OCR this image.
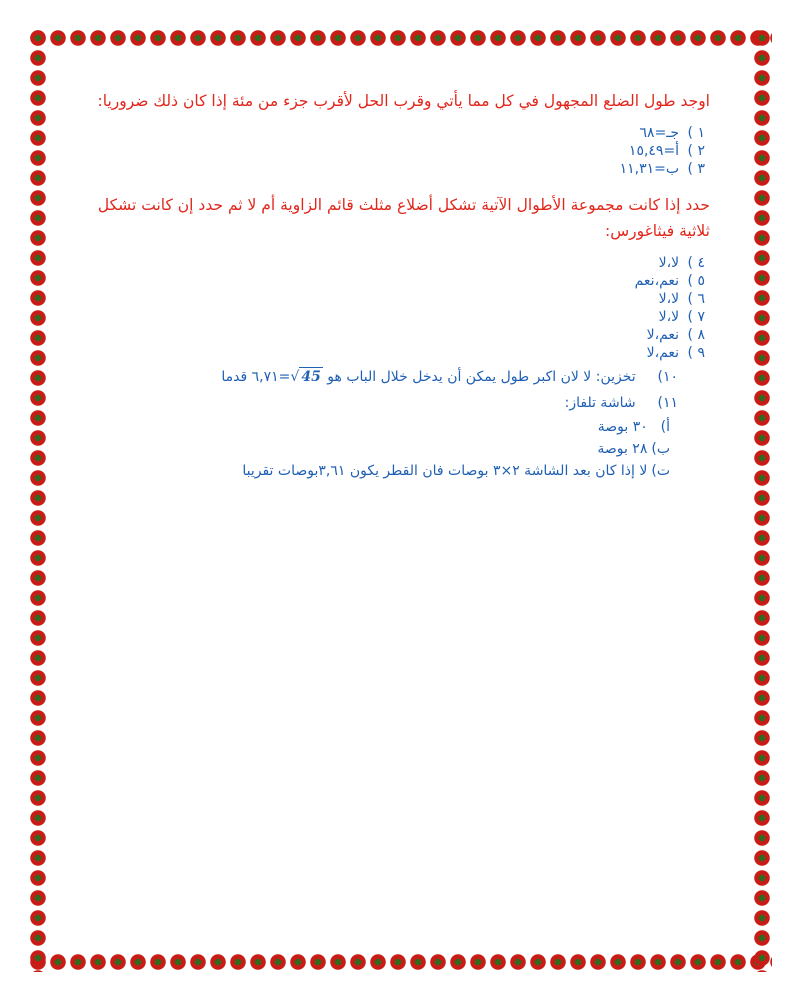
اوجد طول الضلع المجهول في كل مما يأتي وقرب الحل لأقرب جزء من مئة إذا كان ذلك ضروريا:
١) جـ=٦٨
٢) أ=١٥,٤٩
٣) ب=١١,٣١
حدد إذا كانت مجموعة الأطوال الآتية تشكل أضلاع مثلث قائم الزاوية أم لا ثم حدد إن كانت تشكل ثلاثية فيثاغورس:
٤) لا،لا
٥) نعم،نعم
٦) لا،لا
٧) لا،لا
٨) نعم،لا
٩) نعم،لا
١٠)    تخزين: لا لان اكبر طول يمكن أن يدخل خلال الباب هو √ 45=٦,٧١ قدما
١١)    شاشة تلفاز:
أ)  ٣٠ بوصة
ب)٢٨ بوصة
ت)لا إذا كان بعد الشاشة ٢×٣ بوصات فان القطر يكون ٣,٦١بوصات تقريبا
